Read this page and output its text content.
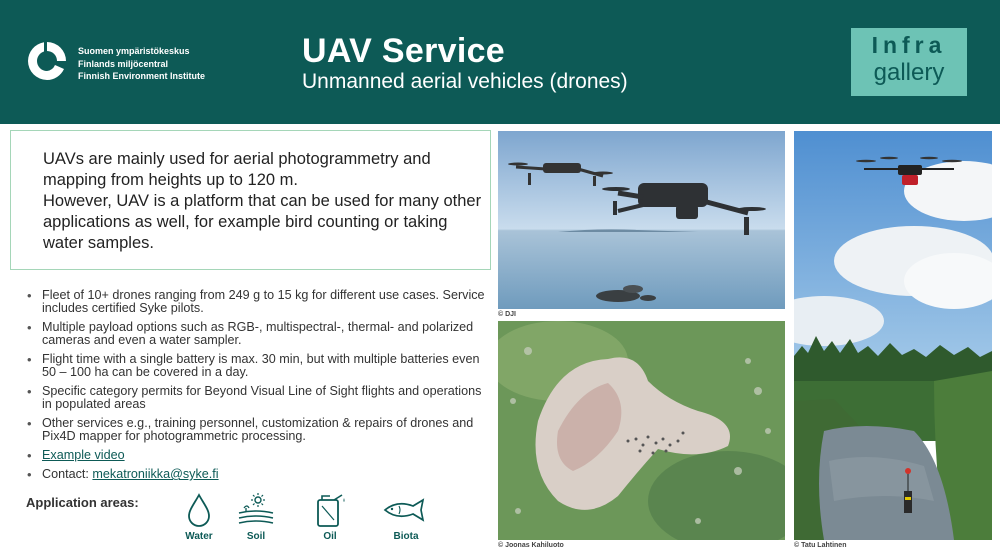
Suomen ympäristökeskus
Finlands miljöcentral
Finnish Environment Institute
UAV Service
Unmanned aerial vehicles (drones)
Infra
gallery

UAVs are mainly used for aerial photogrammetry and mapping from heights up to 120 m.

However, UAV is a platform that can be used for many other applications as well, for example bird counting or taking water samples.

• Fleet of 10+ drones ranging from 249 g to 15 kg for different use cases. Service includes certified Syke pilots.
• Multiple payload options such as RGB-, multispectral-, thermal- and polarized cameras and even a water sampler.
• Flight time with a single battery is max. 30 min, but with multiple batteries even 50 – 100 ha can be covered in a day.
• Specific category permits for Beyond Visual Line of Sight flights and operations in populated areas
• Other services e.g., training personnel, customization & repairs of drones and Pix4D mapper for photogrammetric processing.
• Example video
• Contact: mekatroniikka@syke.fi
Application areas:
Water	Soil	Oil	Biota
© DJI
© Joonas Kahiluoto	© Tatu Lahtinen
